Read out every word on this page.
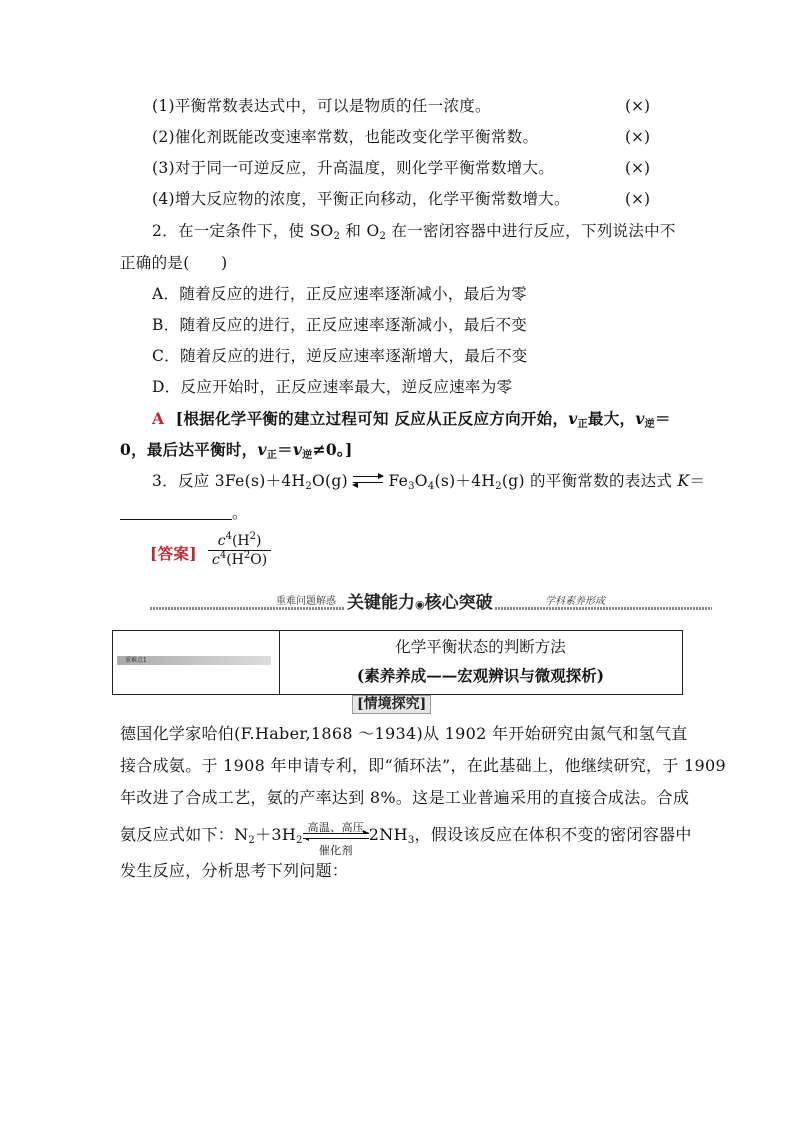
(1)平衡常数表达式中，可以是物质的任一浓度。	(×)
(2)催化剂既能改变速率常数，也能改变化学平衡常数。	(×)
(3)对于同一可逆反应，升高温度，则化学平衡常数增大。	(×)
(4)增大反应物的浓度，平衡正向移动，化学平衡常数增大。	(×)
2．在一定条件下，使 $SO_2$ 和 $O_2$ 在一密闭容器中进行反应，下列说法中不
正确的是(　　)
A．随着反应的进行，正反应速率逐渐减小，最后为零
B．随着反应的进行，正反应速率逐渐减小，最后不变
C．随着反应的进行，逆反应速率逐渐增大，最后不变
D．反应开始时，正反应速率最大，逆反应速率为零
A [根据化学平衡的建立过程可知 反应从正反应方向开始，$v_正$最大，$v_逆=$
0，最后达平衡时，$v_正=v_逆\ne 0$。]
3．反应 $3Fe(s)+4H_2O(g)$	$Fe_3O_4(s)+4H_2(g)$ 的平衡常数的表达式 K＝
。
[答案]
$c^4(H^2)$
$c^4(H^2O)$
重难问题解惑 关键能力◉核心突破	学科素养形成
重难点1
化学平衡状态的判断方法
(素养养成——宏观辨识与微观探析)
[情境探究]
德国化学家哈伯(F.Haber,1868 ～1934)从 1902 年开始研究由氮气和氢气直
接合成氨。于 1908 年申请专利，即“循环法”，在此基础上，他继续研究，于 1909
年改进了合成工艺，氨的产率达到 8%。这是工业普遍采用的直接合成法。合成
氨反应式如下：$N_2+3H_2$
高温、高压
催化剂
$2NH_3$，假设该反应在体积不变的密闭容器中
发生反应，分析思考下列问题：
